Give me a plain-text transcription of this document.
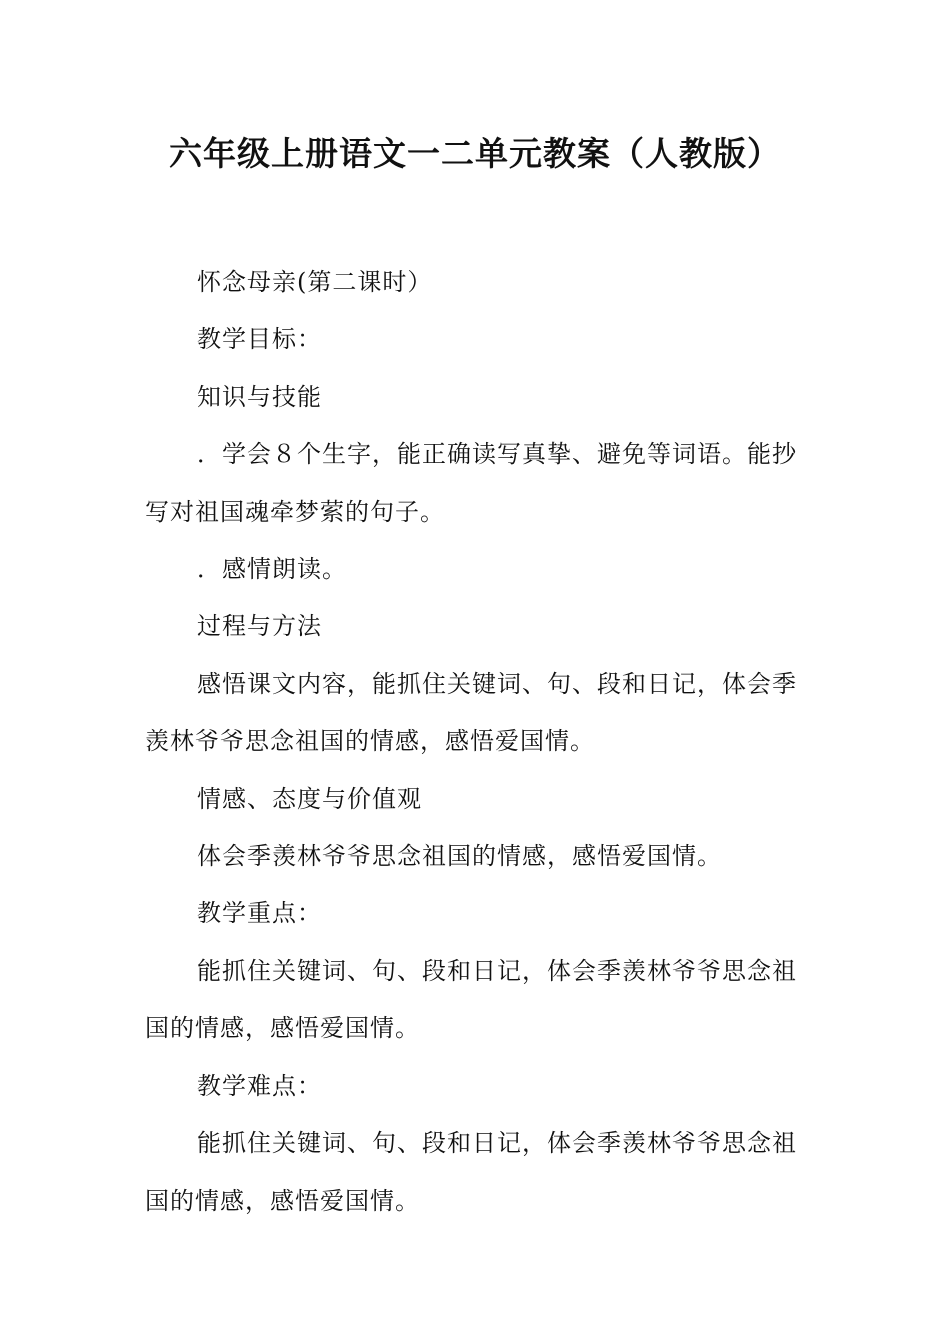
六年级上册语文一二单元教案（人教版）

怀念母亲(第二课时）

教学目标：

知识与技能

．学会８个生字，能正确读写真挚、避免等词语。能抄写对祖国魂牵梦萦的句子。

．感情朗读。

过程与方法

感悟课文内容，能抓住关键词、句、段和日记，体会季羡林爷爷思念祖国的情感，感悟爱国情。

情感、态度与价值观

体会季羡林爷爷思念祖国的情感，感悟爱国情。

教学重点：

能抓住关键词、句、段和日记，体会季羡林爷爷思念祖国的情感，感悟爱国情。

教学难点：

能抓住关键词、句、段和日记，体会季羡林爷爷思念祖国的情感，感悟爱国情。
